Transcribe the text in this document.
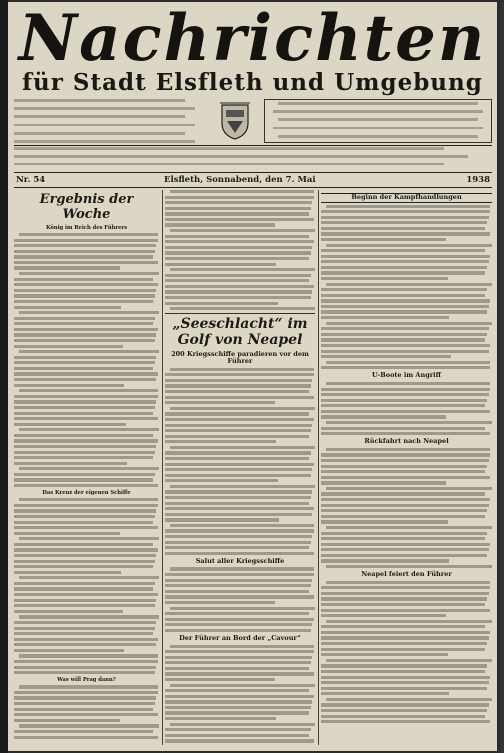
Nachrichten
für Stadt Elsfleth und Umgebung
Nr. 54	Elsfleth, Sonnabend, den 7. Mai	1938
Ergebnis der Woche
König im Reich des Führers
Das Kreuz der eigenen Schiffe
Was will Prag dann?
„Seeschlacht“ im Golf von Neapel
200 Kriegsschiffe paradieren vor dem Führer
Salut aller Kriegsschiffe
Der Führer an Bord der „Cavour“
Beginn der Kampfhandlungen
U-Boote im Angriff
Rückfahrt nach Neapel
Neapel feiert den Führer
